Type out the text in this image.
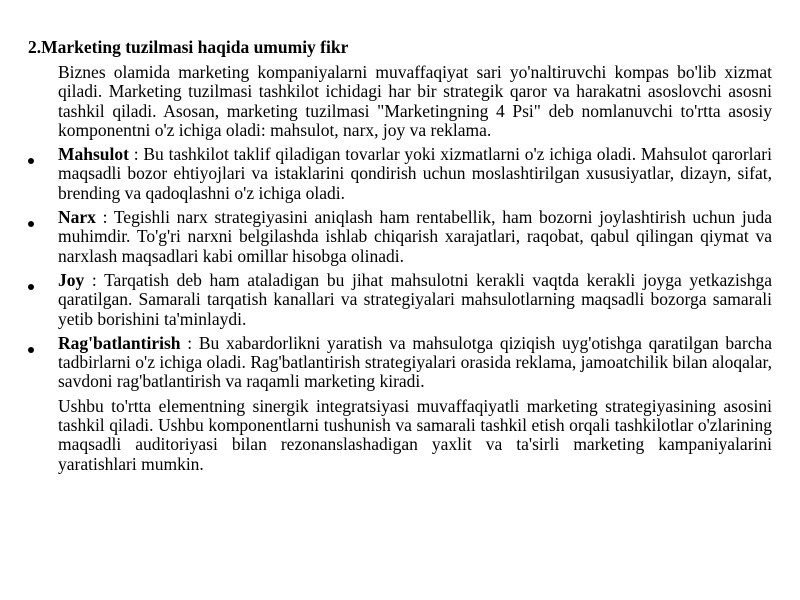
2.Marketing tuzilmasi haqida umumiy fikr

Biznes olamida marketing kompaniyalarni muvaffaqiyat sari yo'naltiruvchi kompas bo'lib xizmat qiladi. Marketing tuzilmasi tashkilot ichidagi har bir strategik qaror va harakatni asoslovchi asosni tashkil qiladi. Asosan, marketing tuzilmasi "Marketingning 4 Psi" deb nomlanuvchi to'rtta asosiy komponentni o'z ichiga oladi: mahsulot, narx, joy va reklama.

Mahsulot : Bu tashkilot taklif qiladigan tovarlar yoki xizmatlarni o'z ichiga oladi. Mahsulot qarorlari maqsadli bozor ehtiyojlari va istaklarini qondirish uchun moslashtirilgan xususiyatlar, dizayn, sifat, brending va qadoqlashni o'z ichiga oladi.
Narx : Tegishli narx strategiyasini aniqlash ham rentabellik, ham bozorni joylashtirish uchun juda muhimdir. To'g'ri narxni belgilashda ishlab chiqarish xarajatlari, raqobat, qabul qilingan qiymat va narxlash maqsadlari kabi omillar hisobga olinadi.
Joy : Tarqatish deb ham ataladigan bu jihat mahsulotni kerakli vaqtda kerakli joyga yetkazishga qaratilgan. Samarali tarqatish kanallari va strategiyalari mahsulotlarning maqsadli bozorga samarali yetib borishini ta'minlaydi.
Rag'batlantirish : Bu xabardorlikni yaratish va mahsulotga qiziqish uyg'otishga qaratilgan barcha tadbirlarni o'z ichiga oladi. Rag'batlantirish strategiyalari orasida reklama, jamoatchilik bilan aloqalar, savdoni rag'batlantirish va raqamli marketing kiradi.

Ushbu to'rtta elementning sinergik integratsiyasi muvaffaqiyatli marketing strategiyasining asosini tashkil qiladi. Ushbu komponentlarni tushunish va samarali tashkil etish orqali tashkilotlar o'zlarining maqsadli auditoriyasi bilan rezonanslashadigan yaxlit va ta'sirli marketing kampaniyalarini yaratishlari mumkin.
